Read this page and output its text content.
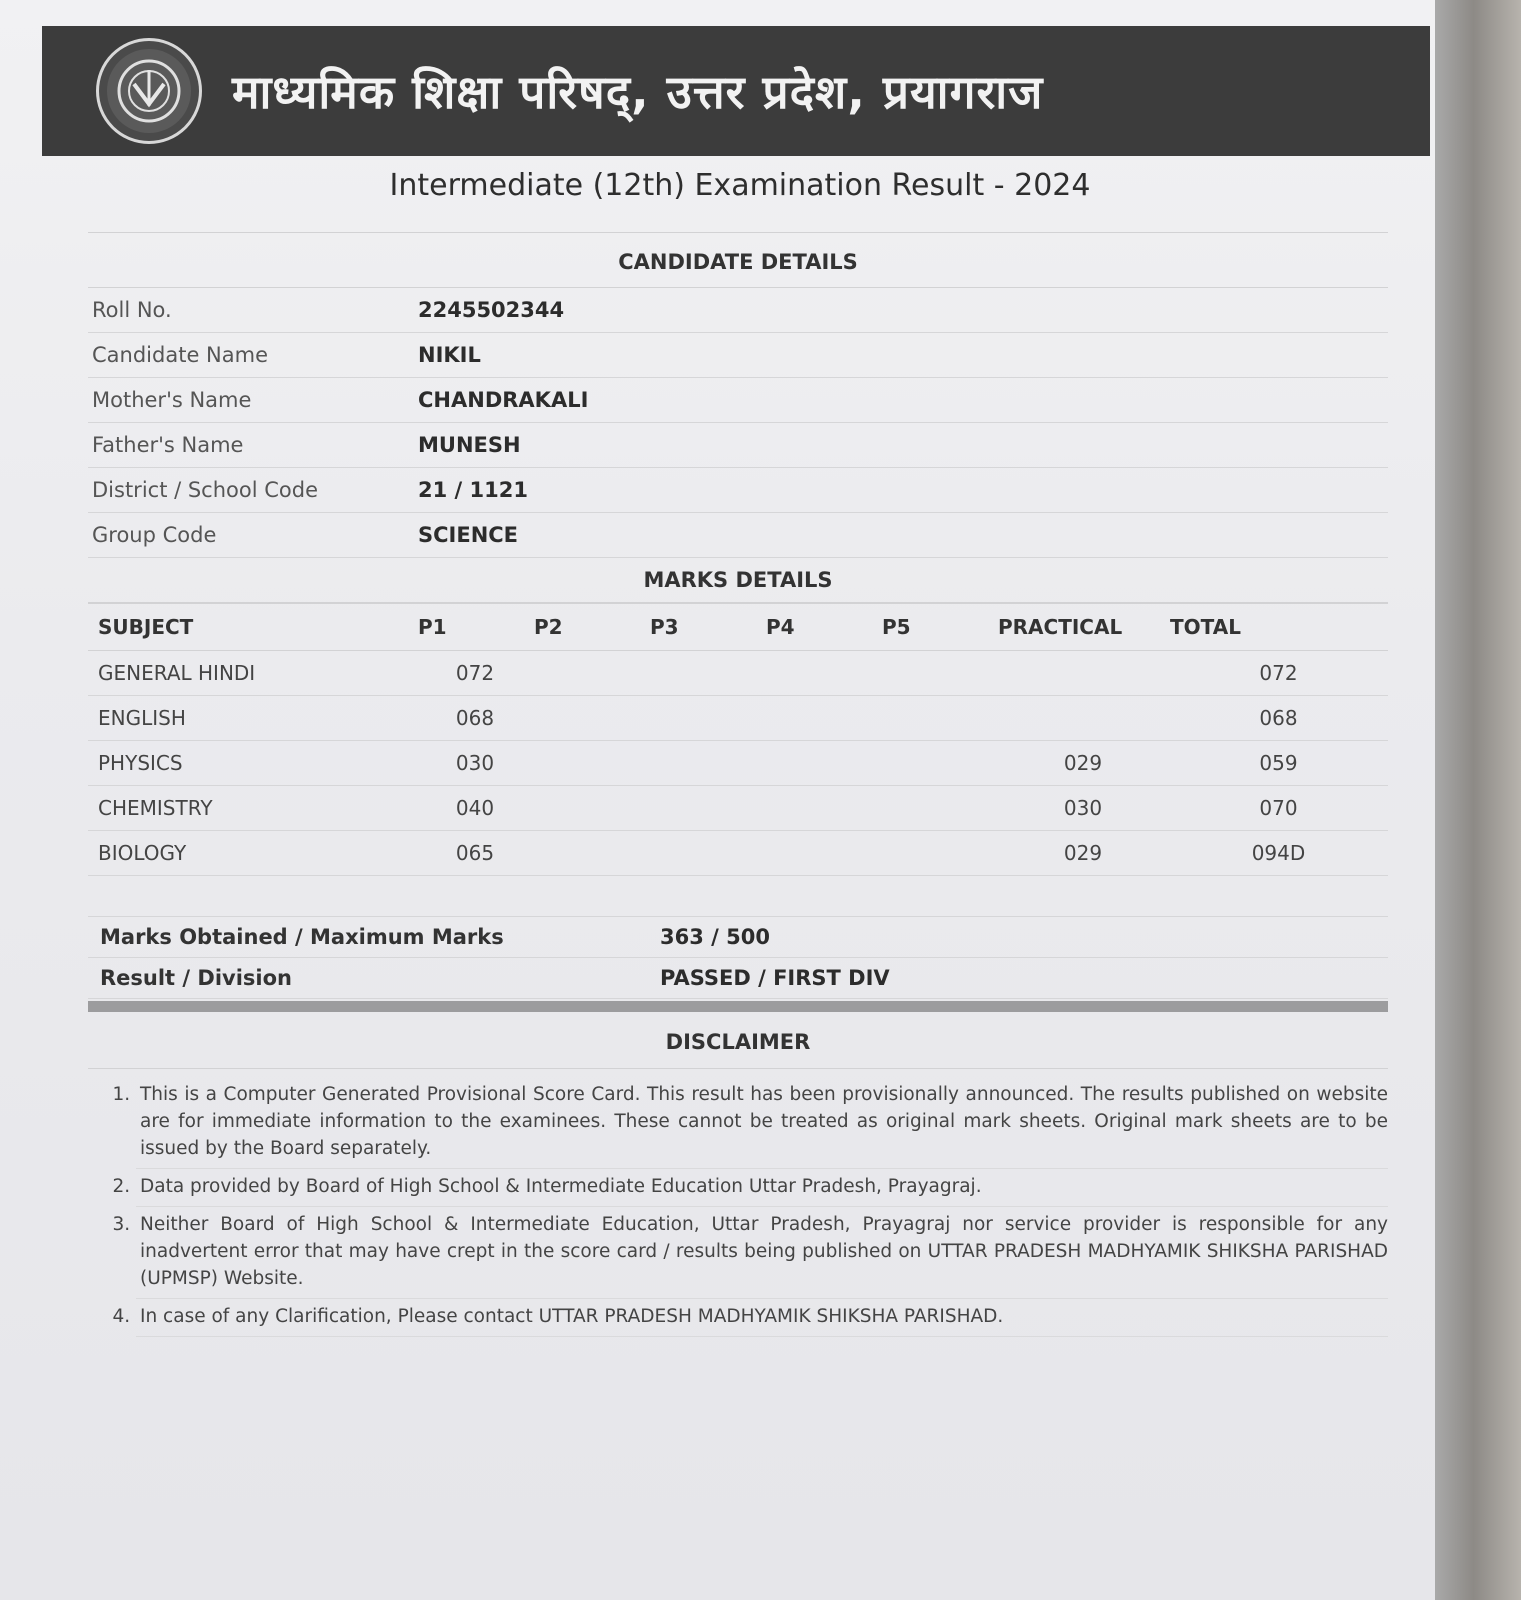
माध्यमिक शिक्षा परिषद्, उत्तर प्रदेश, प्रयागराज
Intermediate (12th) Examination Result - 2024
CANDIDATE DETAILS
Roll No.	2245502344
Candidate Name	NIKIL
Mother's Name	CHANDRAKALI
Father's Name	MUNESH
District / School Code	21 / 1121
Group Code	SCIENCE
MARKS DETAILS
SUBJECT	P1	P2	P3	P4	P5	PRACTICAL	TOTAL
GENERAL HINDI	072						072
ENGLISH	068						068
PHYSICS	030					029	059
CHEMISTRY	040					030	070
BIOLOGY	065					029	094D
Marks Obtained / Maximum Marks	363 / 500
Result / Division	PASSED / FIRST DIV
DISCLAIMER
1. This is a Computer Generated Provisional Score Card. This result has been provisionally announced. The results published on website are for immediate information to the examinees. These cannot be treated as original mark sheets. Original mark sheets are to be issued by the Board separately.
2. Data provided by Board of High School & Intermediate Education Uttar Pradesh, Prayagraj.
3. Neither Board of High School & Intermediate Education, Uttar Pradesh, Prayagraj nor service provider is responsible for any inadvertent error that may have crept in the score card / results being published on UTTAR PRADESH MADHYAMIK SHIKSHA PARISHAD (UPMSP) Website.
4. In case of any Clarification, Please contact UTTAR PRADESH MADHYAMIK SHIKSHA PARISHAD.
